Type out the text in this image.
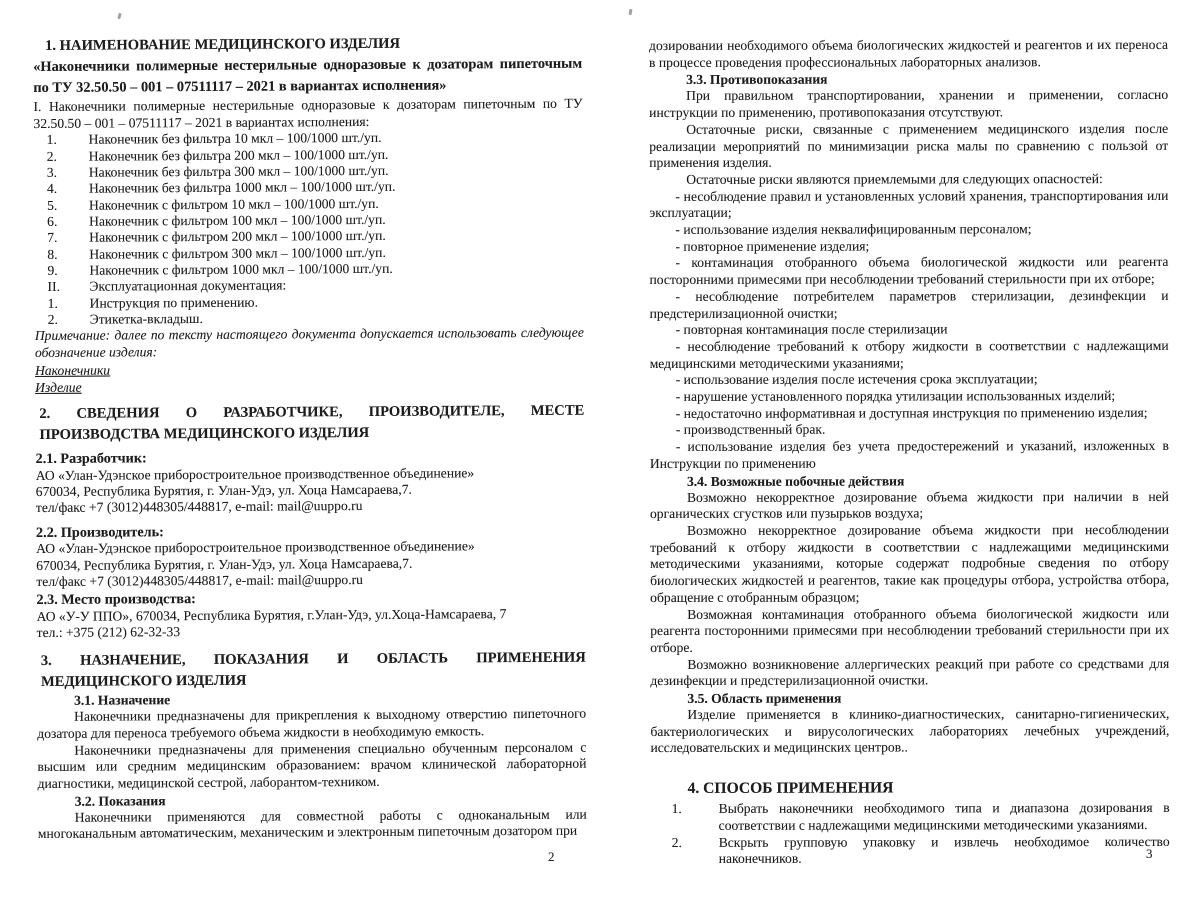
1. НАИМЕНОВАНИЕ МЕДИЦИНСКОГО ИЗДЕЛИЯ
«Наконечники полимерные нестерильные одноразовые к дозаторам пипеточным по ТУ 32.50.50 – 001 – 07511117 – 2021 в вариантах исполнения»

I. Наконечники полимерные нестерильные одноразовые к дозаторам пипеточным по ТУ 32.50.50 – 001 – 07511117 – 2021 в вариантах исполнения:

1.	Наконечник без фильтра 10 мкл – 100/1000 шт./уп.
2.	Наконечник без фильтра 200 мкл – 100/1000 шт./уп.
3.	Наконечник без фильтра 300 мкл – 100/1000 шт./уп.
4.	Наконечник без фильтра 1000 мкл – 100/1000 шт./уп.
5.	Наконечник с фильтром 10 мкл – 100/1000 шт./уп.
6.	Наконечник с фильтром 100 мкл – 100/1000 шт./уп.
7.	Наконечник с фильтром 200 мкл – 100/1000 шт./уп.
8.	Наконечник с фильтром 300 мкл – 100/1000 шт./уп.
9.	Наконечник с фильтром 1000 мкл – 100/1000 шт./уп.
II.	Эксплуатационная документация:
1.	Инструкция по применению.
2.	Этикетка-вкладыш.

Примечание: далее по тексту настоящего документа допускается использовать следующее обозначение изделия:

Наконечники
Изделие
2. СВЕДЕНИЯ О РАЗРАБОТЧИКЕ, ПРОИЗВОДИТЕЛЕ, МЕСТЕ ПРОИЗВОДСТВА МЕДИЦИНСКОГО ИЗДЕЛИЯ
2.1. Разработчик:

АО «Улан-Удэнское приборостроительное производственное объединение»

670034, Республика Бурятия, г. Улан-Удэ, ул. Хоца Намсараева,7.

тел/факс +7 (3012)448305/448817, e-mail: mail@uuppo.ru

2.2. Производитель:

АО «Улан-Удэнское приборостроительное производственное объединение»

670034, Республика Бурятия, г. Улан-Удэ, ул. Хоца Намсараева,7.

тел/факс +7 (3012)448305/448817, e-mail: mail@uuppo.ru

2.3. Место производства:

АО «У-У ППО», 670034, Республика Бурятия, г.Улан-Удэ, ул.Хоца-Намсараева, 7

тел.: +375 (212) 62-32-33

3. НАЗНАЧЕНИЕ, ПОКАЗАНИЯ И ОБЛАСТЬ ПРИМЕНЕНИЯ МЕДИЦИНСКОГО ИЗДЕЛИЯ
3.1. Назначение

Наконечники предназначены для прикрепления к выходному отверстию пипеточного дозатора для переноса требуемого объема жидкости в необходимую емкость.

Наконечники предназначены для применения специально обученным персоналом с высшим или средним медицинским образованием: врачом клинической лабораторной диагностики, медицинской сестрой, лаборантом-техником.

3.2. Показания

Наконечники применяются для совместной работы с одноканальным или многоканальным автоматическим, механическим и электронным пипеточным дозатором при

дозировании необходимого объема биологических жидкостей и реагентов и их переноса в процессе проведения профессиональных лабораторных анализов.

3.3. Противопоказания

При правильном транспортировании, хранении и применении, согласно инструкции по применению, противопоказания отсутствуют.

Остаточные риски, связанные с применением медицинского изделия после реализации мероприятий по минимизации риска малы по сравнению с пользой от применения изделия.

Остаточные риски являются приемлемыми для следующих опасностей:

- несоблюдение правил и установленных условий хранения, транспортирования или эксплуатации;

- использование изделия неквалифицированным персоналом;

- повторное применение изделия;

- контаминация отобранного объема биологической жидкости или реагента посторонними примесями при несоблюдении требований стерильности при их отборе;

- несоблюдение потребителем параметров стерилизации, дезинфекции и предстерилизационной очистки;

- повторная контаминация после стерилизации

- несоблюдение требований к отбору жидкости в соответствии с надлежащими медицинскими методическими указаниями;

- использование изделия после истечения срока эксплуатации;

- нарушение установленного порядка утилизации использованных изделий;

- недостаточно информативная и доступная инструкция по применению изделия;

- производственный брак.

- использование изделия без учета предостережений и указаний, изложенных в Инструкции по применению

3.4. Возможные побочные действия

Возможно некорректное дозирование объема жидкости при наличии в ней органических сгустков или пузырьков воздуха;

Возможно некорректное дозирование объема жидкости при несоблюдении требований к отбору жидкости в соответствии с надлежащими медицинскими методическими указаниями, которые содержат подробные сведения по отбору биологических жидкостей и реагентов, такие как процедуры отбора, устройства отбора, обращение с отобранным образцом;

Возможная контаминация отобранного объема биологической жидкости или реагента посторонними примесями при несоблюдении требований стерильности при их отборе.

Возможно возникновение аллергических реакций при работе со средствами для дезинфекции и предстерилизационной очистки.

3.5. Область применения

Изделие применяется в клинико-диагностических, санитарно-гигиенических, бактериологических и вирусологических лабораториях лечебных учреждений, исследовательских и медицинских центров..

4. СПОСОБ ПРИМЕНЕНИЯ
1.	Выбрать наконечники необходимого типа и диапазона дозирования в соответствии с надлежащими медицинскими методическими указаниями.
2.	Вскрыть групповую упаковку и извлечь необходимое количество наконечников.
2	3
